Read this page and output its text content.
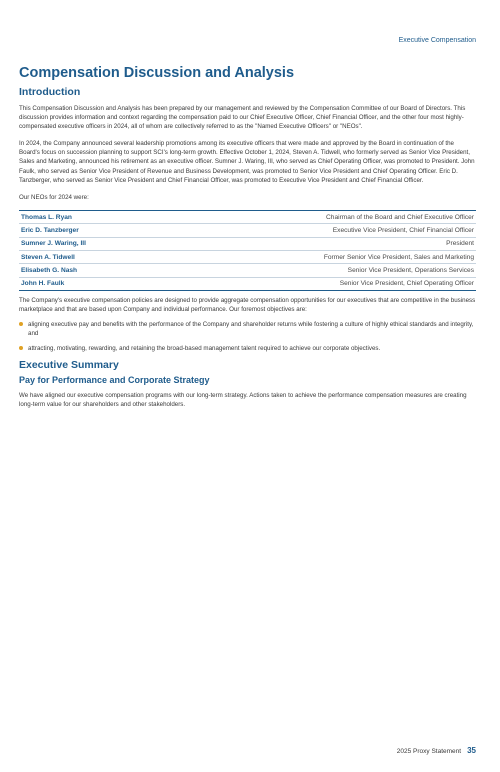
Executive Compensation
Compensation Discussion and Analysis
Introduction

This Compensation Discussion and Analysis has been prepared by our management and reviewed by the Compensation Committee of our Board of Directors. This discussion provides information and context regarding the compensation paid to our Chief Executive Officer, Chief Financial Officer, and the other four most highly-compensated executive officers in 2024, all of whom are collectively referred to as the "Named Executive Officers" or "NEOs".

In 2024, the Company announced several leadership promotions among its executive officers that were made and approved by the Board in continuation of the Board's focus on succession planning to support SCI's long-term growth. Effective October 1, 2024, Steven A. Tidwell, who formerly served as Senior Vice President, Sales and Marketing, announced his retirement as an executive officer. Sumner J. Waring, III, who served as Chief Operating Officer, was promoted to President. John Faulk, who served as Senior Vice President of Revenue and Business Development, was promoted to Senior Vice President and Chief Operating Officer. Eric D. Tanzberger, who served as Senior Vice President and Chief Financial Officer, was promoted to Executive Vice President and Chief Financial Officer.

Our NEOs for 2024 were:

Thomas L. Ryan	Chairman of the Board and Chief Executive Officer
Eric D. Tanzberger	Executive Vice President, Chief Financial Officer
Sumner J. Waring, III	President
Steven A. Tidwell	Former Senior Vice President, Sales and Marketing
Elisabeth G. Nash	Senior Vice President, Operations Services
John H. Faulk	Senior Vice President, Chief Operating Officer

The Company's executive compensation policies are designed to provide aggregate compensation opportunities for our executives that are competitive in the business marketplace and that are based upon Company and individual performance. Our foremost objectives are:

aligning executive pay and benefits with the performance of the Company and shareholder returns while fostering a culture of highly ethical standards and integrity, and
attracting, motivating, rewarding, and retaining the broad-based management talent required to achieve our corporate objectives.
Executive Summary
Pay for Performance and Corporate Strategy

We have aligned our executive compensation programs with our long-term strategy. Actions taken to achieve the performance compensation measures are creating long-term value for our shareholders and other stakeholders.

2025 Proxy Statement 35
